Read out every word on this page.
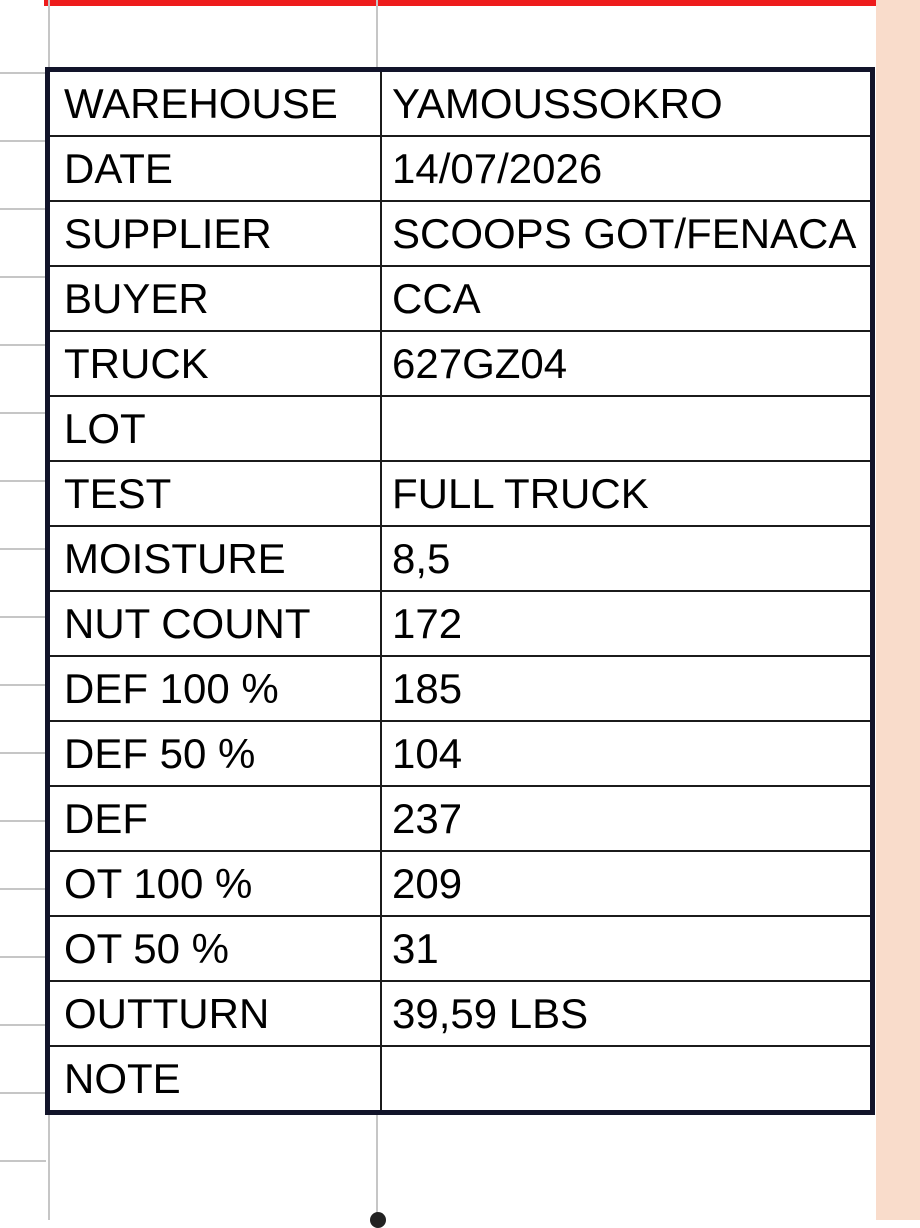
WAREHOUSE	YAMOUSSOKRO
DATE	14/07/2026
SUPPLIER	SCOOPS GOT/FENACA
BUYER	CCA
TRUCK	627GZ04
LOT	
TEST	FULL TRUCK
MOISTURE	8,5
NUT COUNT	172
DEF 100 %	185
DEF 50 %	104
DEF	237
OT 100 %	209
OT 50 %	31
OUTTURN	39,59 LBS
NOTE	
